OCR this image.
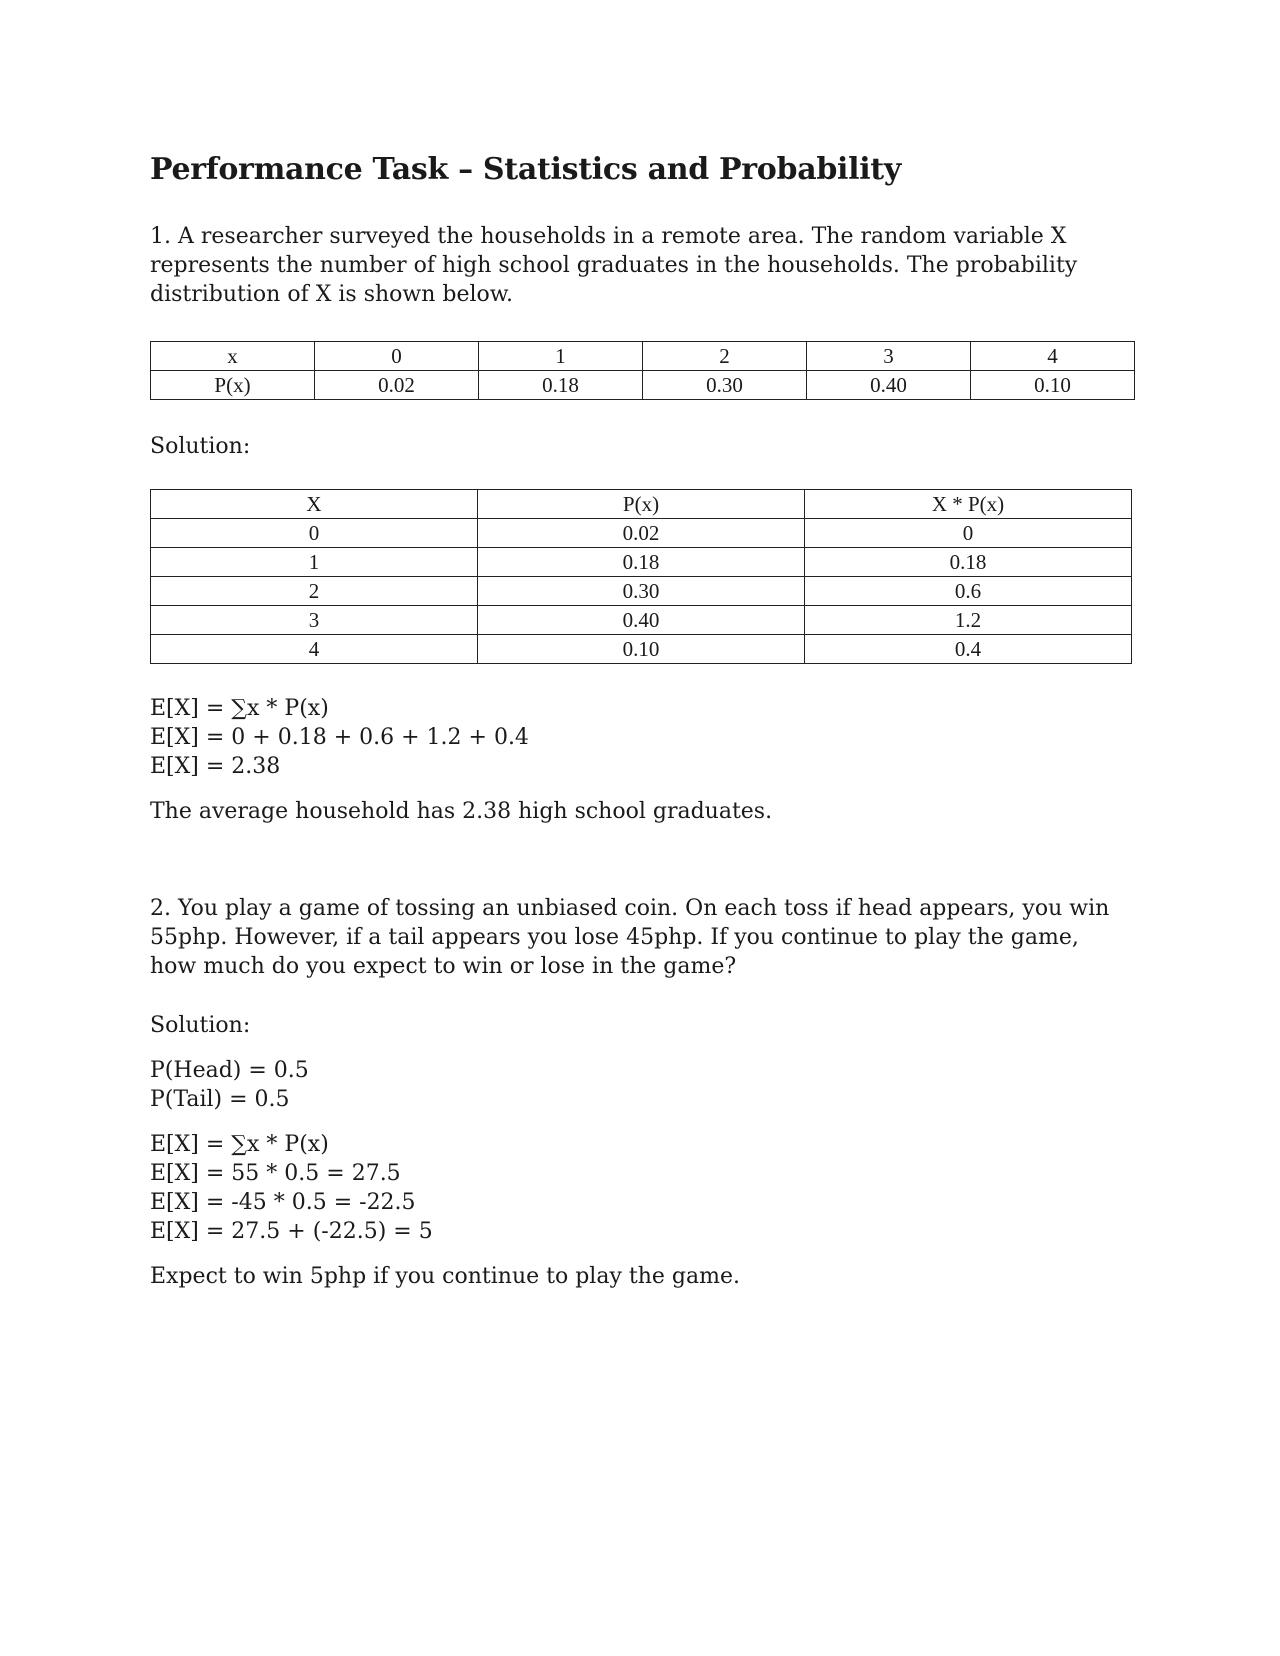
Performance Task – Statistics and Probability

1. A researcher surveyed the households in a remote area. The random variable X represents the number of high school graduates in the households. The probability distribution of X is shown below.

x	0	1	2	3	4
P(x)	0.02	0.18	0.30	0.40	0.10

Solution:

X	P(x)	X * P(x)
0	0.02	0
1	0.18	0.18
2	0.30	0.6
3	0.40	1.2
4	0.10	0.4

E[X] = ∑x * P(x)

E[X] = 0 + 0.18 + 0.6 + 1.2 + 0.4

E[X] = 2.38

The average household has 2.38 high school graduates.

2. You play a game of tossing an unbiased coin. On each toss if head appears, you win 55php. However, if a tail appears you lose 45php. If you continue to play the game, how much do you expect to win or lose in the game?

Solution:

P(Head) = 0.5

P(Tail) = 0.5

E[X] = ∑x * P(x)

E[X] = 55 * 0.5 = 27.5

E[X] = -45 * 0.5 = -22.5

E[X] = 27.5 + (-22.5) = 5

Expect to win 5php if you continue to play the game.
